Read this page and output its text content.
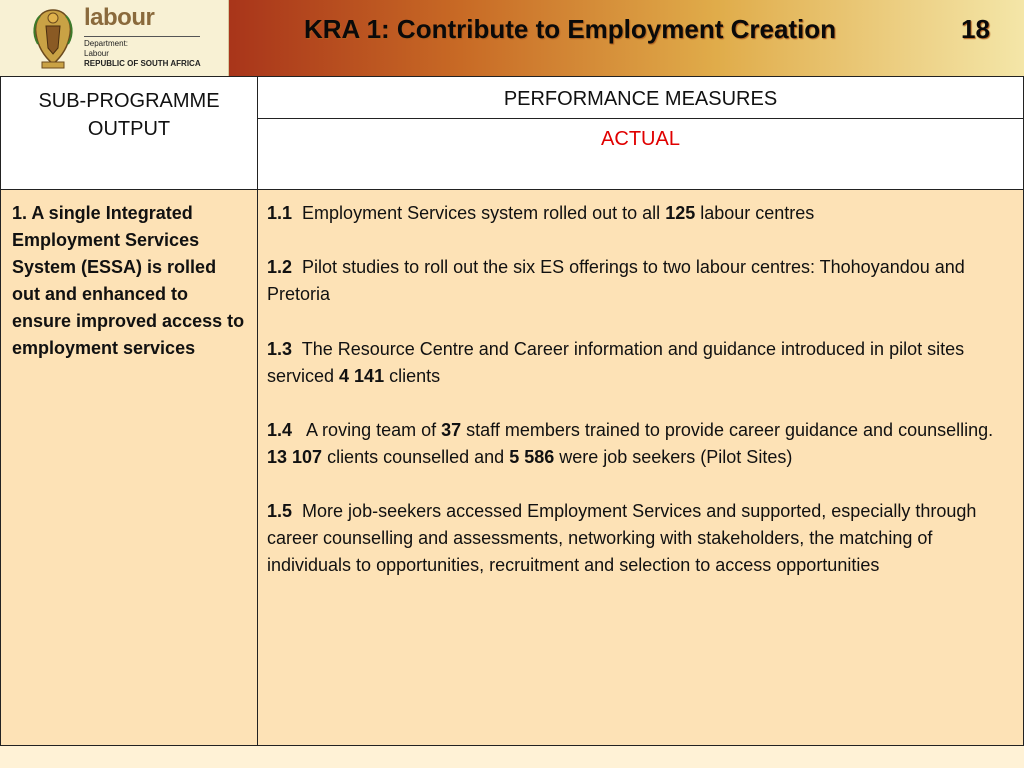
labour
Department:
Labour
REPUBLIC OF SOUTH AFRICA
KRA 1: Contribute to Employment Creation	18
SUB-PROGRAMME OUTPUT
PERFORMANCE MEASURES
ACTUAL
1. A single Integrated Employment Services System (ESSA) is rolled out and enhanced to ensure improved access to employment services

1.1 Employment Services system rolled out to all 125 labour centres

1.2 Pilot studies to roll out the six ES offerings to two labour centres: Thohoyandou and Pretoria

1.3 The Resource Centre and Career information and guidance introduced in pilot sites serviced 4 141 clients

1.4 A roving team of 37 staff members trained to provide career guidance and counselling. 13 107 clients counselled and 5 586 were job seekers (Pilot Sites)

1.5 More job-seekers accessed Employment Services and supported, especially through career counselling and assessments, networking with stakeholders, the matching of individuals to opportunities, recruitment and selection to access opportunities
